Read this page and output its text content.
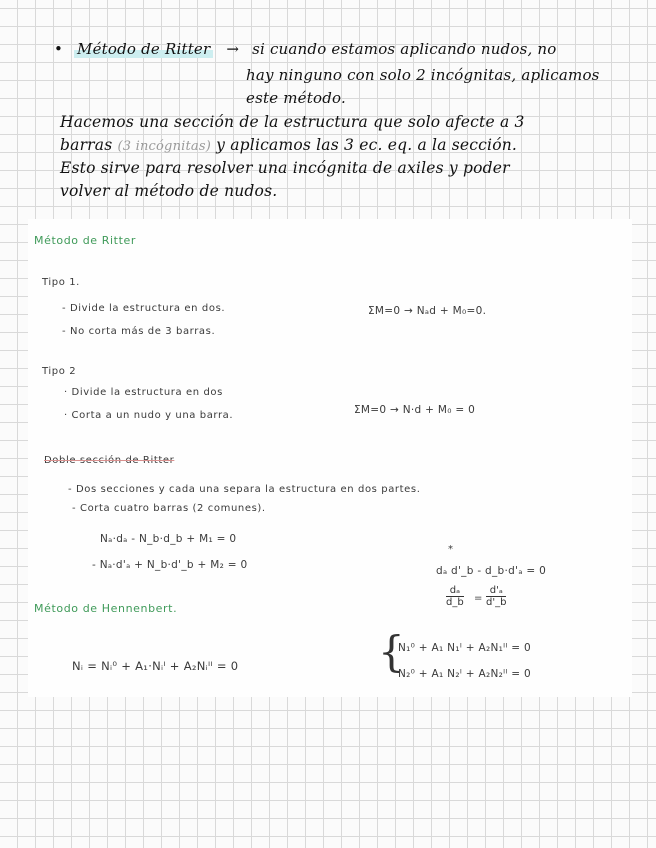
• Método de Ritter → si cuando estamos aplicando nudos, no
hay ninguno con solo 2 incógnitas, aplicamos
este método.
Hacemos una sección de la estructura que solo afecte a 3
barras (3 incógnitas) y aplicamos las 3 ec. eq. a la sección.
Esto sirve para resolver una incógnita de axiles y poder
volver al método de nudos.
Método de Ritter
Tipo 1.
- Divide la estructura en dos.
- No corta más de 3 barras.
ΣM=0 → Nₐd + M₀=0.
Tipo 2
· Divide la estructura en dos
· Corta a un nudo y una barra.	ΣM=0 → N·d + M₀ = 0
Doble sección de Ritter
- Dos secciones y cada una separa la estructura en dos partes.
- Corta cuatro barras (2 comunes).
Nₐ·dₐ - N_b·d_b + M₁ = 0
- Nₐ·d'ₐ + N_b·d'_b + M₂ = 0
*
dₐ d'_b - d_b·d'ₐ = 0
$\frac{\text{dₐ}}{d\_b} = \frac{\text{d'ₐ}}{d'\_b}$
Método de Hennenbert.
Nᵢ = Nᵢ⁰ + A₁·Nᵢᴵ + A₂Nᵢᴵᴵ = 0	{
N₁⁰ + A₁ N₁ᴵ + A₂N₁ᴵᴵ = 0
N₂⁰ + A₁ N₂ᴵ + A₂N₂ᴵᴵ = 0
